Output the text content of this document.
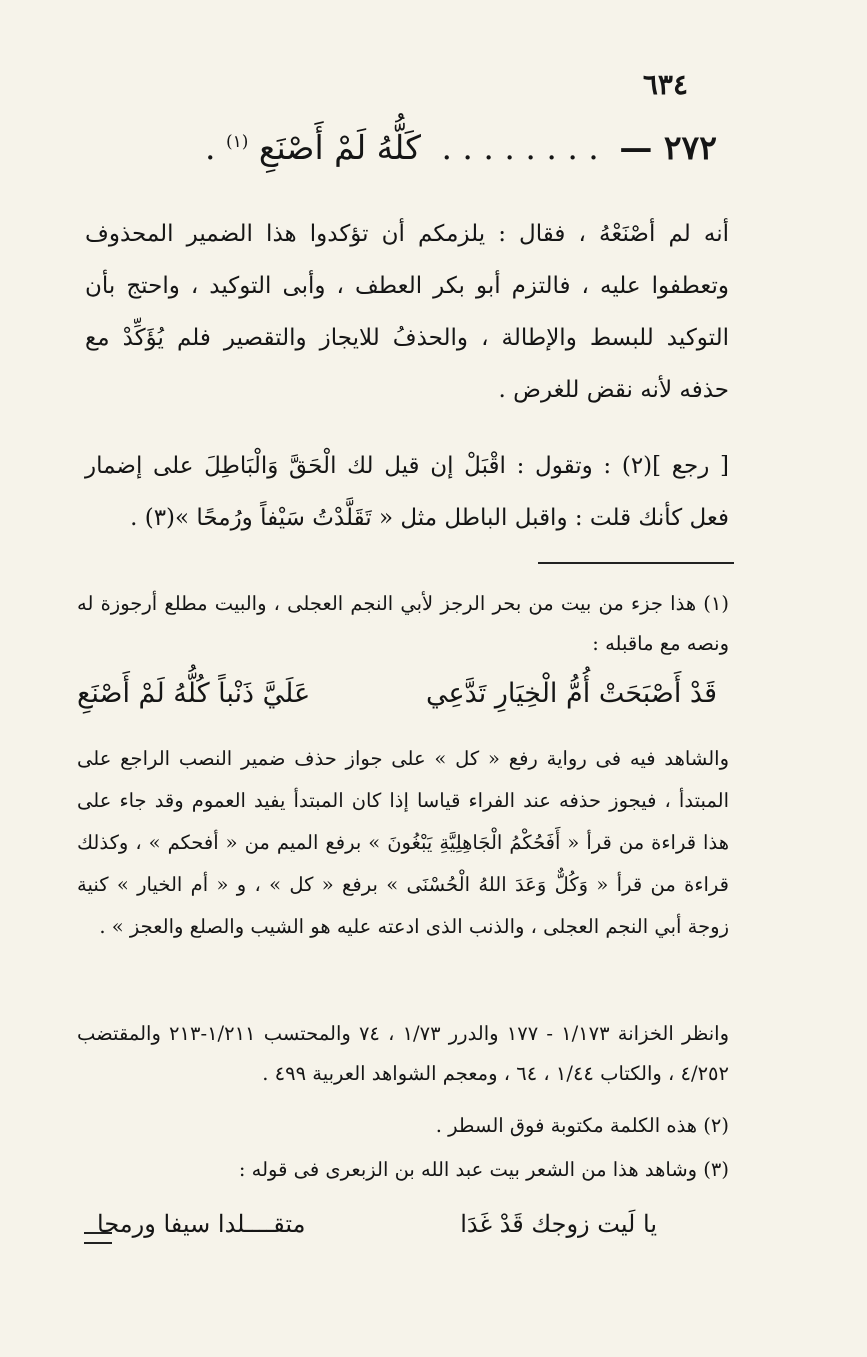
٦٣٤
٢٧٢ — . . . . . . . . كَلُّهُ لَمْ أَصْنَعِ $^{(١)}$ .

أنه لم أصْنَعْهُ ، فقال : يلزمكم أن تؤكدوا هذا الضمير المحذوف وتعطفوا عليه ، فالتزم أبو بكر العطف ، وأبى التوكيد ، واحتج بأن التوكيد للبسط والإطالة ، والحذفُ للايجاز والتقصير فلم يُؤَكِّدْ مع حذفه لأنه نقض للغرض .

[ رجع ](٢) : وتقول : اقْبَلْ إن قيل لك الْحَقَّ وَالْبَاطِلَ على إضمار فعل كأنك قلت : واقبل الباطل مثل « تَقَلَّدْتُ سَيْفاً ورُمحًا »(٣) .

(١) هذا جزء من بيت من بحر الرجز لأبي النجم العجلى ، والبيت مطلع أرجوزة له ونصه مع ماقبله :

قَدْ أَصْبَحَتْ أُمُّ الْخِيَارِ تَدَّعِي
عَلَيَّ ذَنْباً كُلُّهُ لَمْ أَصْنَعِ

والشاهد فيه فى رواية رفع « كل » على جواز حذف ضمير النصب الراجع على المبتدأ ، فيجوز حذفه عند الفراء قياسا إذا كان المبتدأ يفيد العموم وقد جاء على هذا قراءة من قرأ « أَفَحُكْمُ الْجَاهِلِيَّةِ يَبْغُونَ » برفع الميم من « أفحكم » ، وكذلك قراءة من قرأ « وَكُلٌّ وَعَدَ اللهُ الْحُسْنَى » برفع « كل » ، و « أم الخيار » كنية زوجة أبي النجم العجلى ، والذنب الذى ادعته عليه هو الشيب والصلع والعجز » .

وانظر الخزانة ١/١٧٣ - ١٧٧ والدرر ١/٧٣ ، ٧٤ والمحتسب ١/٢١١-٢١٣ والمقتضب ٤/٢٥٢ ، والكتاب ١/٤٤ ، ٦٤ ، ومعجم الشواهد العربية ٤٩٩ .

(٢) هذه الكلمة مكتوبة فوق السطر .

(٣) وشاهد هذا من الشعر بيت عبد الله بن الزبعرى فى قوله :

يا لَيت زوجك قَدْ غَدَا
متقــــلدا سيفا ورمحا
